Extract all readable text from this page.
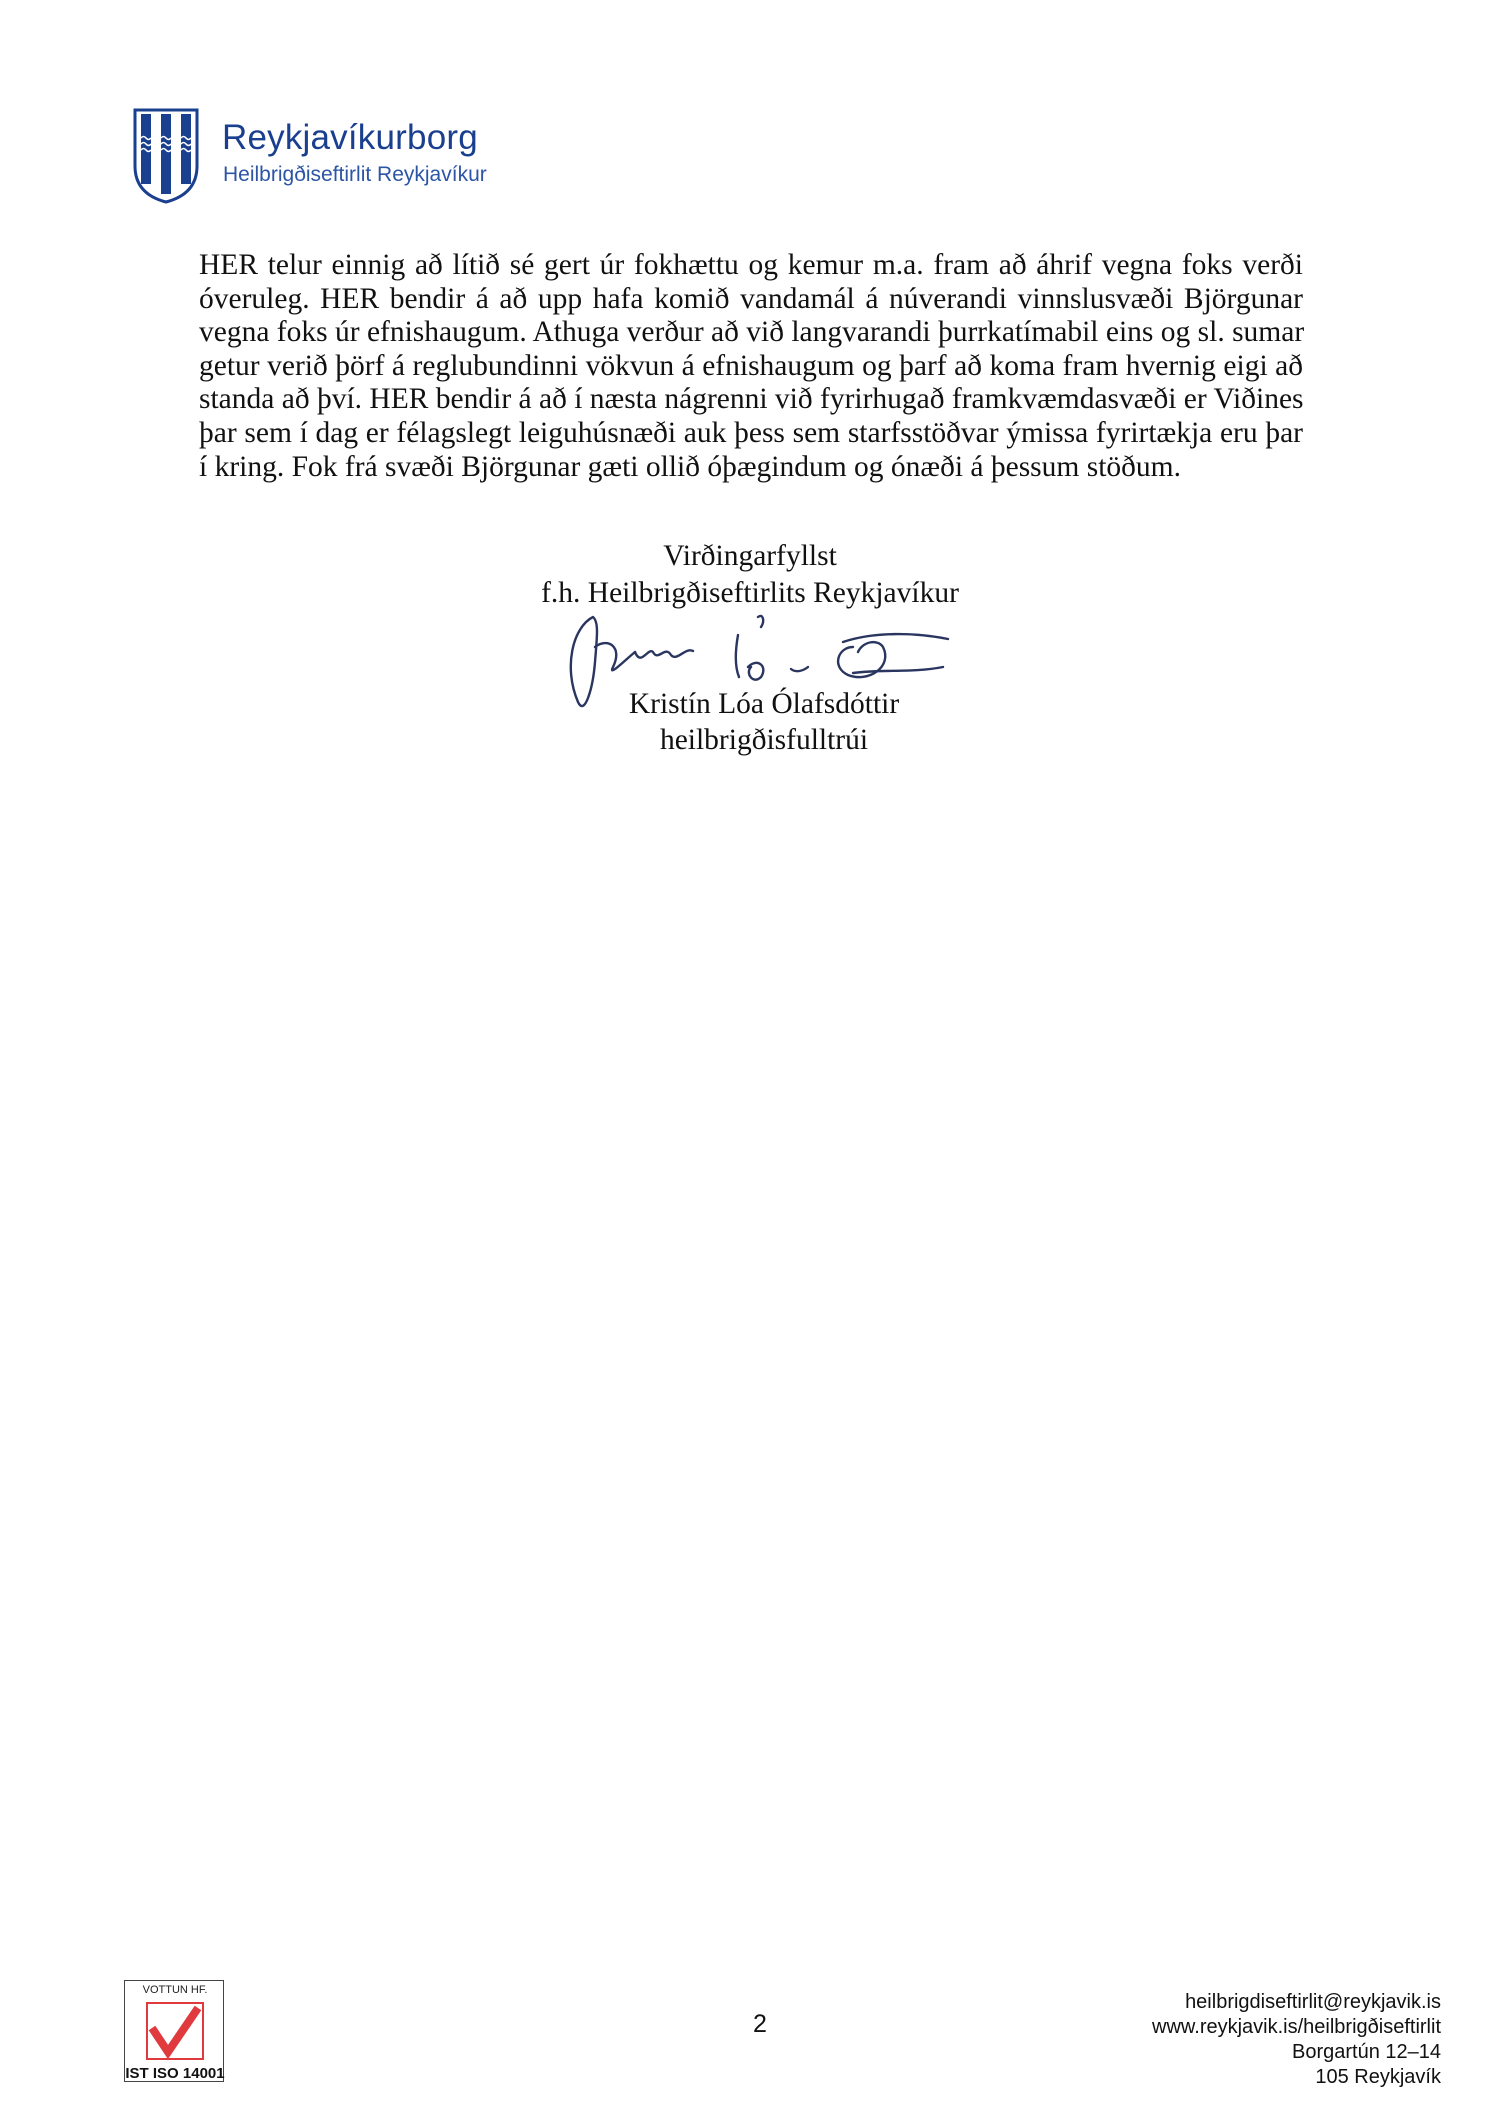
Reykjavíkurborg
Heilbrigðiseftirlit Reykjavíkur
HER telur einnig að lítið sé gert úr fokhættu og kemur m.a. fram að áhrif vegna foks verði
óveruleg. HER bendir á að upp hafa komið vandamál á núverandi vinnslusvæði Björgunar
vegna foks úr efnishaugum. Athuga verður að við langvarandi þurrkatímabil eins og sl. sumar
getur verið þörf á reglubundinni vökvun á efnishaugum og þarf að koma fram hvernig eigi að
standa að því. HER bendir á að í næsta nágrenni við fyrirhugað framkvæmdasvæði er Viðines
þar sem í dag er félagslegt leiguhúsnæði auk þess sem starfsstöðvar ýmissa fyrirtækja eru þar
í kring. Fok frá svæði Björgunar gæti ollið óþægindum og ónæði á þessum stöðum.
Virðingarfyllst
f.h. Heilbrigðiseftirlits Reykjavíkur
Kristín Lóa Ólafsdóttir
heilbrigðisfulltrúi
VOTTUN HF.
IST ISO 14001
2
heilbrigdiseftirlit@reykjavik.is
www.reykjavik.is/heilbrigðiseftirlit
Borgartún 12–14
105 Reykjavík
